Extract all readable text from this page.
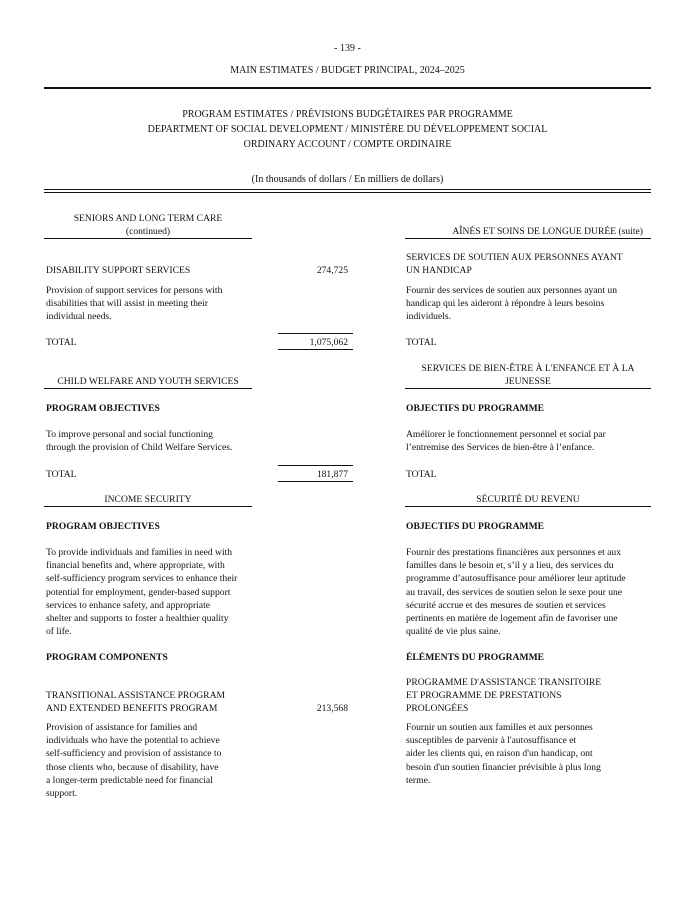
- 139 -
MAIN ESTIMATES / BUDGET PRINCIPAL, 2024–2025
PROGRAM ESTIMATES / PRÉVISIONS BUDGÉTAIRES PAR PROGRAMME
DEPARTMENT OF SOCIAL DEVELOPMENT / MINISTÈRE DU DÉVELOPPEMENT SOCIAL
ORDINARY ACCOUNT / COMPTE ORDINAIRE
(In thousands of dollars / En milliers de dollars)
SENIORS AND LONG TERM CARE
(continued)	AÎNÉS ET SOINS DE LONGUE DURÉE (suite)
DISABILITY SUPPORT SERVICES	274,725
SERVICES DE SOUTIEN AUX PERSONNES AYANT
UN HANDICAP
Provision of support services for persons with
disabilities that will assist in meeting their
individual needs.
Fournir des services de soutien aux personnes ayant un
handicap qui les aideront à répondre à leurs besoins
individuels.
TOTAL	1,075,062	TOTAL
CHILD WELFARE AND YOUTH SERVICES
SERVICES DE BIEN-ÊTRE À L'ENFANCE ET À LA
JEUNESSE
PROGRAM OBJECTIVES	OBJECTIFS DU PROGRAMME
To improve personal and social functioning
through the provision of Child Welfare Services.
Améliorer le fonctionnement personnel et social par
l’entremise des Services de bien-être à l’enfance.
TOTAL	181,877	TOTAL
INCOME SECURITY	SÉCURITÉ DU REVENU
PROGRAM OBJECTIVES	OBJECTIFS DU PROGRAMME
To provide individuals and families in need with
financial benefits and, where appropriate, with
self-sufficiency program services to enhance their
potential for employment, gender-based support
services to enhance safety, and appropriate
shelter and supports to foster a healthier quality
of life.
Fournir des prestations financières aux personnes et aux
familles dans le besoin et, s’il y a lieu, des services du
programme d’autosuffisance pour améliorer leur aptitude
au travail, des services de soutien selon le sexe pour une
sécurité accrue et des mesures de soutien et services
pertinents en matière de logement afin de favoriser une
qualité de vie plus saine.
PROGRAM COMPONENTS	ÉLÉMENTS DU PROGRAMME
TRANSITIONAL ASSISTANCE PROGRAM
AND EXTENDED BENEFITS PROGRAM	213,568
PROGRAMME D'ASSISTANCE TRANSITOIRE
ET PROGRAMME DE PRESTATIONS
PROLONGÉES
Provision of assistance for families and
individuals who have the potential to achieve
self-sufficiency and provision of assistance to
those clients who, because of disability, have
a longer-term predictable need for financial
support.
Fournir un soutien aux familles et aux personnes
susceptibles de parvenir à l'autosuffisance et
aider les clients qui, en raison d'un handicap, ont
besoin d'un soutien financier prévisible à plus long
terme.
